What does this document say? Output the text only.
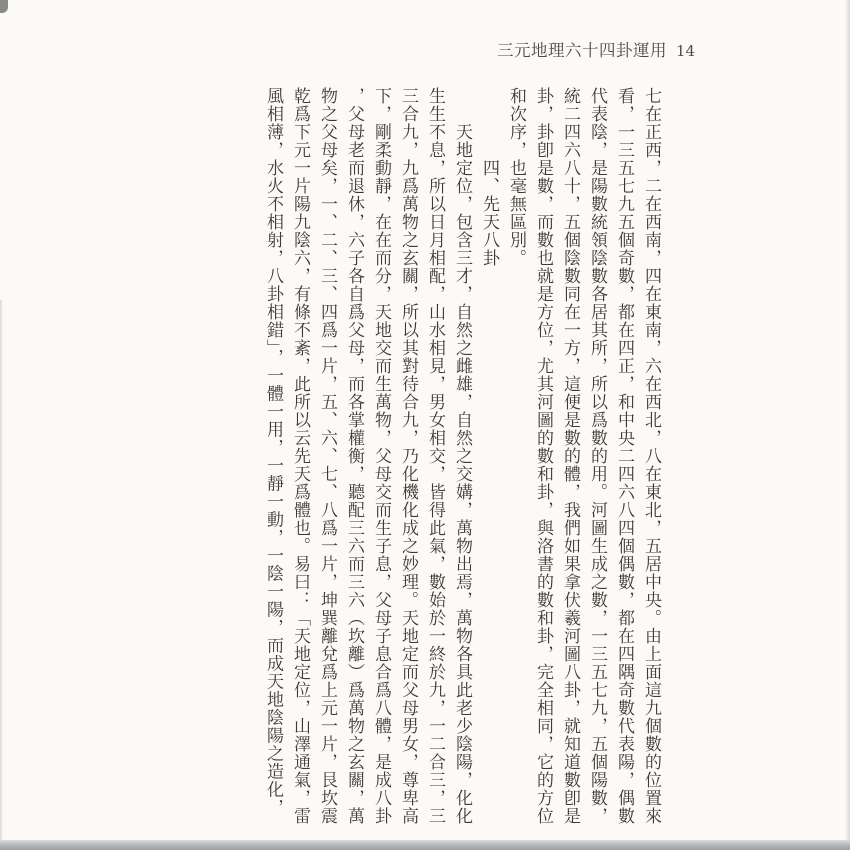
三元地理六十四卦運用 14
七在正西，二在西南，四在東南，六在西北，八在東北，五居中央。由上面這九個數的位置來
看，一三五七九五個奇數，都在四正，和中央二四六八四個偶數，都在四隅奇數代表陽，偶數
代表陰，是陽數統領陰數各居其所，所以爲數的用。河圖生成之數，一三五七九，五個陽數，
統二四六八十，五個陰數同在一方，這便是數的體，我們如果拿伏羲河圖八卦，就知道數卽是
卦，卦卽是數，而數也就是方位，尤其河圖的數和卦，與洛書的數和卦，完全相同，它的方位
和次序，也毫無區別。
四、先天八卦
天地定位，包含三才，自然之雌雄，自然之交媾，萬物出焉，萬物各具此老少陰陽，化化
生生不息，所以日月相配，山水相見，男女相交，皆得此氣，數始於一終於九，一二合三，三
三合九，九爲萬物之玄關，所以其對待合九，乃化機化成之妙理。天地定而父母男女，尊卑高
下，剛柔動靜，在在而分，天地交而生萬物，父母交而生子息，父母子息合爲八體，是成八卦
，父母老而退休，六子各自爲父母，而各掌權衡，聽配三六而三六（坎離）爲萬物之玄關，萬
物之父母矣，一、二、三、四爲一片，五、六、七、八爲一片，坤巽離兌爲上元一片，艮坎震
乾爲下元一片陽九陰六，有條不紊，此所以云先天爲體也。易曰：「天地定位，山澤通氣，雷
風相薄，水火不相射，八卦相錯」，一體一用，一靜一動，一陰一陽，而成天地陰陽之造化，
